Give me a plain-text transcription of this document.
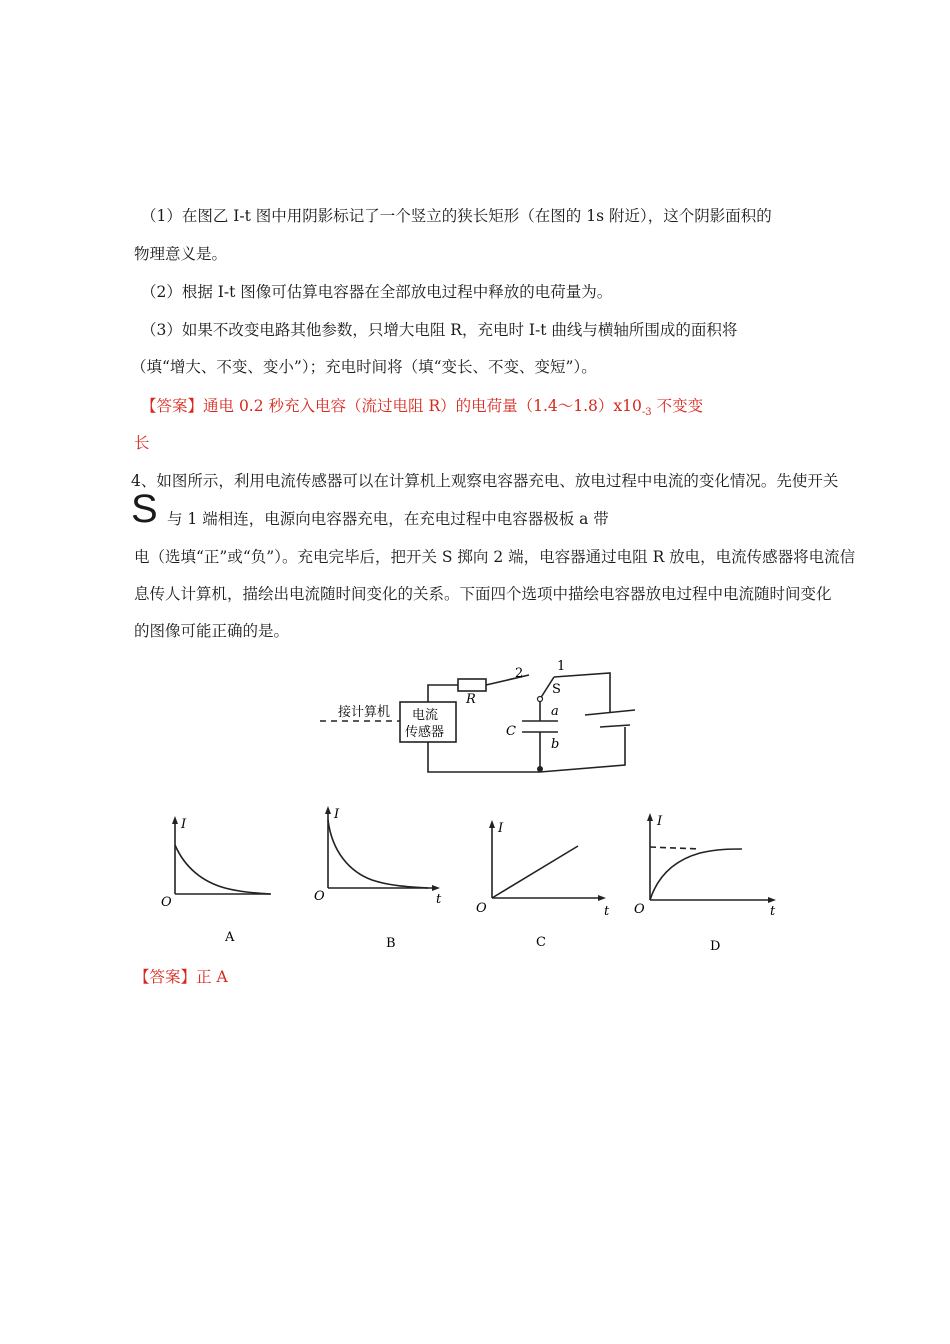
（1）在图乙 I-t 图中用阴影标记了一个竖立的狭长矩形（在图的 1s 附近），这个阴影面积的
物理意义是。
（2）根据 I-t 图像可估算电容器在全部放电过程中释放的电荷量为。
（3）如果不改变电路其他参数，只增大电阻 R，充电时 I-t 曲线与横轴所围成的面积将
（填“增大、不变、变小”）；充电时间将（填“变长、不变、变短”）。
【答案】通电 0.2 秒充入电容（流过电阻 R）的电荷量$(1.4\sim 1.8)x10_{-3}$ 不变变
长
4、如图所示，利用电流传感器可以在计算机上观察电容器充电、放电过程中电流的变化情况。先使开关
S 与 1 端相连，电源向电容器充电，在充电过程中电容器极板 a 带
电（选填“正”或“负”）。充电完毕后，把开关 S 掷向 2 端，电容器通过电阻 R 放电，电流传感器将电流信
息传人计算机，描绘出电流随时间变化的关系。下面四个选项中描绘电容器放电过程中电流随时间变化
的图像可能正确的是。
接计算机 电流
传感器
R
2	1
S
C
a
b
I
O
A
I
O	t
B
I
O	t
C
I
O	t
D
【答案】正 A
